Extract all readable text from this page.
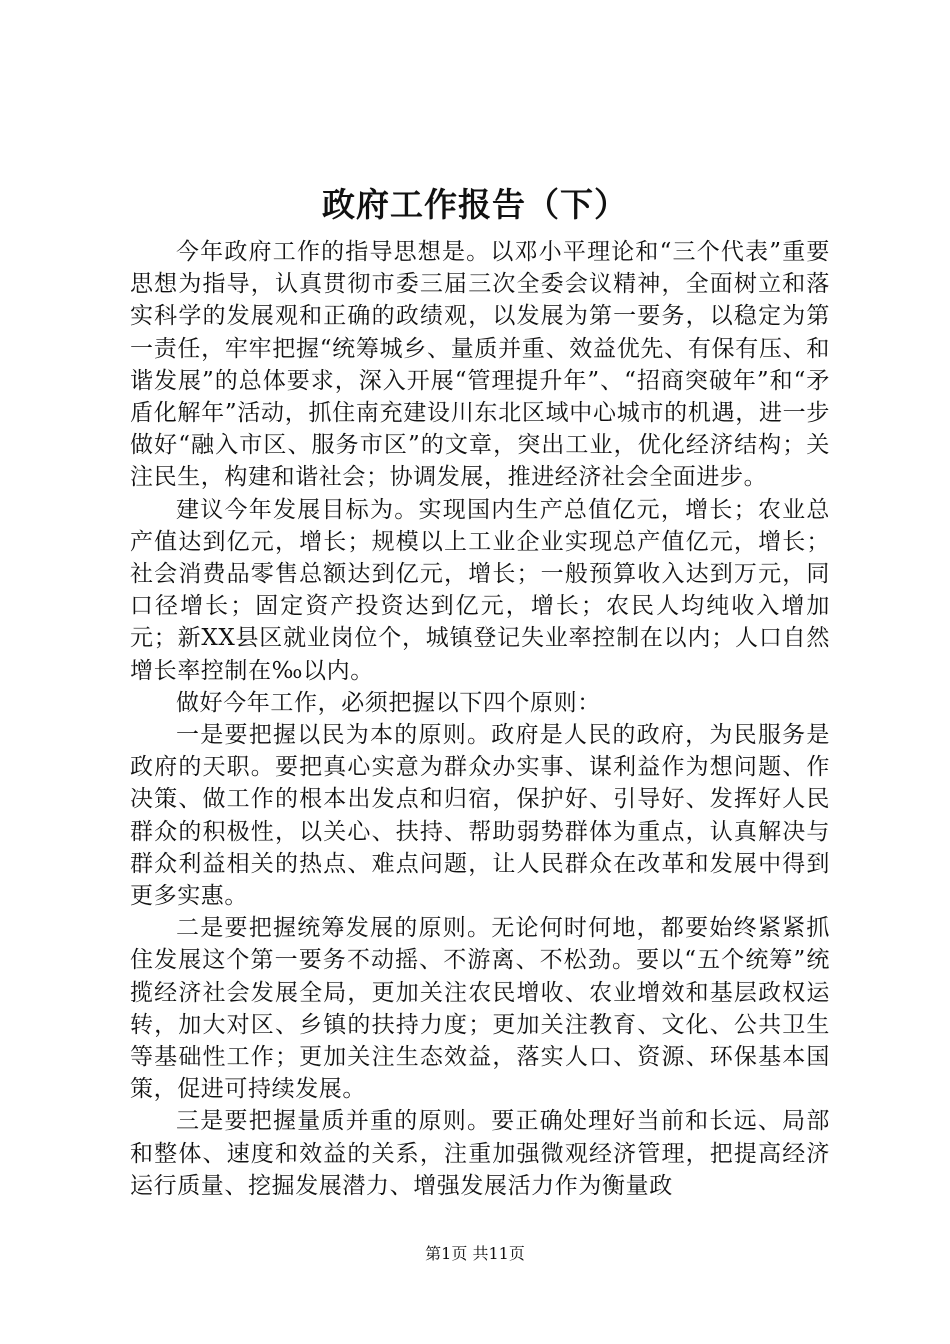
政府工作报告（下）

今年政府工作的指导思想是。以邓小平理论和“三个代表”重要思想为指导，认真贯彻市委三届三次全委会议精神，全面树立和落实科学的发展观和正确的政绩观，以发展为第一要务，以稳定为第一责任，牢牢把握“统筹城乡、量质并重、效益优先、有保有压、和谐发展”的总体要求，深入开展“管理提升年”、“招商突破年”和“矛盾化解年”活动，抓住南充建设川东北区域中心城市的机遇，进一步做好“融入市区、服务市区”的文章，突出工业，优化经济结构；关注民生，构建和谐社会；协调发展，推进经济社会全面进步。

建议今年发展目标为。实现国内生产总值亿元，增长；农业总产值达到亿元，增长；规模以上工业企业实现总产值亿元，增长；社会消费品零售总额达到亿元，增长；一般预算收入达到万元，同口径增长；固定资产投资达到亿元，增长；农民人均纯收入增加元；新XX县区就业岗位个，城镇登记失业率控制在以内；人口自然增长率控制在‰以内。

做好今年工作，必须把握以下四个原则：

一是要把握以民为本的原则。政府是人民的政府，为民服务是政府的天职。要把真心实意为群众办实事、谋利益作为想问题、作决策、做工作的根本出发点和归宿，保护好、引导好、发挥好人民群众的积极性，以关心、扶持、帮助弱势群体为重点，认真解决与群众利益相关的热点、难点问题，让人民群众在改革和发展中得到更多实惠。

二是要把握统筹发展的原则。无论何时何地，都要始终紧紧抓住发展这个第一要务不动摇、不游离、不松劲。要以“五个统筹”统揽经济社会发展全局，更加关注农民增收、农业增效和基层政权运转，加大对区、乡镇的扶持力度；更加关注教育、文化、公共卫生等基础性工作；更加关注生态效益，落实人口、资源、环保基本国策，促进可持续发展。

三是要把握量质并重的原则。要正确处理好当前和长远、局部和整体、速度和效益的关系，注重加强微观经济管理，把提高经济运行质量、挖掘发展潜力、增强发展活力作为衡量政

第1页 共11页
